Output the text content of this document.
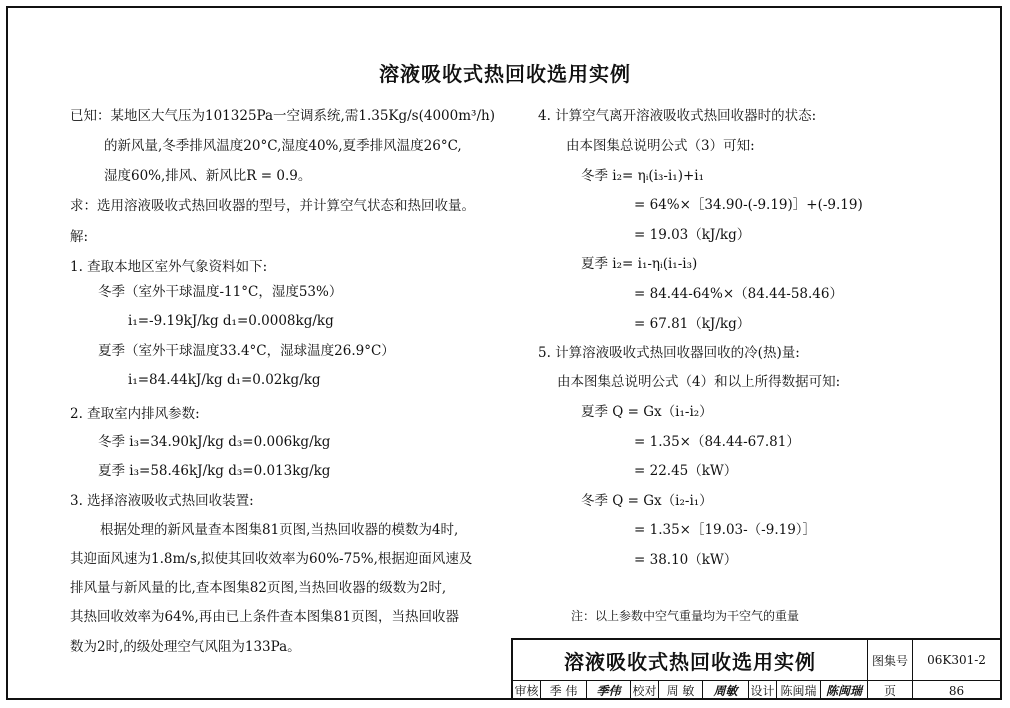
溶液吸收式热回收选用实例
已知：某地区大气压为101325Pa一空调系统,需1.35Kg/s(4000m³/h)
的新风量,冬季排风温度20°C,湿度40%,夏季排风温度26°C,
湿度60%,排风、新风比R = 0.9。
求：选用溶液吸收式热回收器的型号，并计算空气状态和热回收量。
解:
1. 查取本地区室外气象资料如下:
冬季（室外干球温度-11°C，湿度53%）
i₁=-9.19kJ/kg d₁=0.0008kg/kg
夏季（室外干球温度33.4°C，湿球温度26.9°C）
i₁=84.44kJ/kg d₁=0.02kg/kg
2. 查取室内排风参数:
冬季 i₃=34.90kJ/kg d₃=0.006kg/kg
夏季 i₃=58.46kJ/kg d₃=0.013kg/kg
3. 选择溶液吸收式热回收装置:
根据处理的新风量查本图集81页图,当热回收器的模数为4时,
其迎面风速为1.8m/s,拟使其回收效率为60%-75%,根据迎面风速及
排风量与新风量的比,查本图集82页图,当热回收器的级数为2时,
其热回收效率为64%,再由已上条件查本图集81页图，当热回收器
数为2时,的级处理空气风阻为133Pa。
4. 计算空气离开溶液吸收式热回收器时的状态:
由本图集总说明公式（3）可知:
冬季 i₂= ηᵢ(i₃-i₁)+i₁
= 64%×［34.90-(-9.19)］+(-9.19)
= 19.03（kJ/kg）
夏季 i₂= i₁-ηᵢ(i₁-i₃)
= 84.44-64%×（84.44-58.46）
= 67.81（kJ/kg）
5. 计算溶液吸收式热回收器回收的冷(热)量:
由本图集总说明公式（4）和以上所得数据可知:
夏季 Q = Gx（i₁-i₂）
= 1.35×（84.44-67.81）
= 22.45（kW）
冬季 Q = Gx（i₂-i₁）
= 1.35×［19.03-（-9.19）］
= 38.10（kW）
注：以上参数中空气重量均为干空气的重量
溶液吸收式热回收选用实例	图集号	06K301-2
审核 季 伟	季伟 校对 周 敏	周敏	设计 陈闽瑞 陈闽瑞	页	86
